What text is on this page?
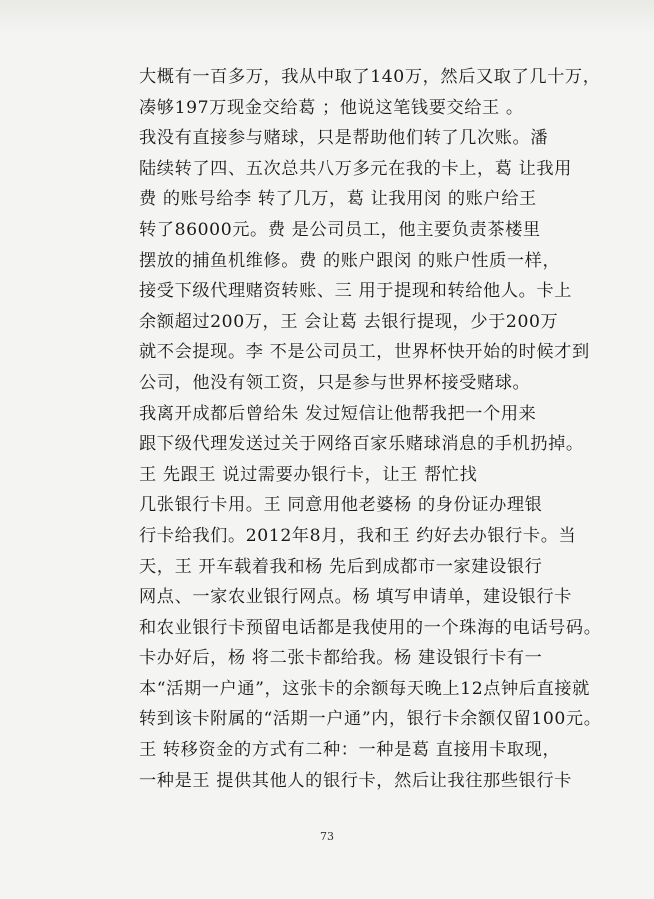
大概有一百多万，我从中取了140万，然后又取了几十万，
凑够197万现金交给葛 ；他说这笔钱要交给王 。
我没有直接参与赌球，只是帮助他们转了几次账。潘
陆续转了四、五次总共八万多元在我的卡上，葛 让我用
费 的账号给李 转了几万，葛 让我用闵 的账户给王
转了86000元。费 是公司员工，他主要负责茶楼里
摆放的捕鱼机维修。费 的账户跟闵 的账户性质一样，
接受下级代理赌资转账、三 用于提现和转给他人。卡上
余额超过200万，王 会让葛 去银行提现，少于200万
就不会提现。李 不是公司员工，世界杯快开始的时候才到
公司，他没有领工资，只是参与世界杯接受赌球。
我离开成都后曾给朱 发过短信让他帮我把一个用来
跟下级代理发送过关于网络百家乐赌球消息的手机扔掉。
王 先跟王 说过需要办银行卡，让王 帮忙找
几张银行卡用。王 同意用他老婆杨 的身份证办理银
行卡给我们。2012年8月，我和王 约好去办银行卡。当
天，王 开车载着我和杨 先后到成都市一家建设银行
网点、一家农业银行网点。杨 填写申请单，建设银行卡
和农业银行卡预留电话都是我使用的一个珠海的电话号码。
卡办好后，杨 将二张卡都给我。杨 建设银行卡有一
本“活期一户通”，这张卡的余额每天晚上12点钟后直接就
转到该卡附属的“活期一户通”内，银行卡余额仅留100元。
王 转移资金的方式有二种：一种是葛 直接用卡取现，
一种是王 提供其他人的银行卡，然后让我往那些银行卡
73
